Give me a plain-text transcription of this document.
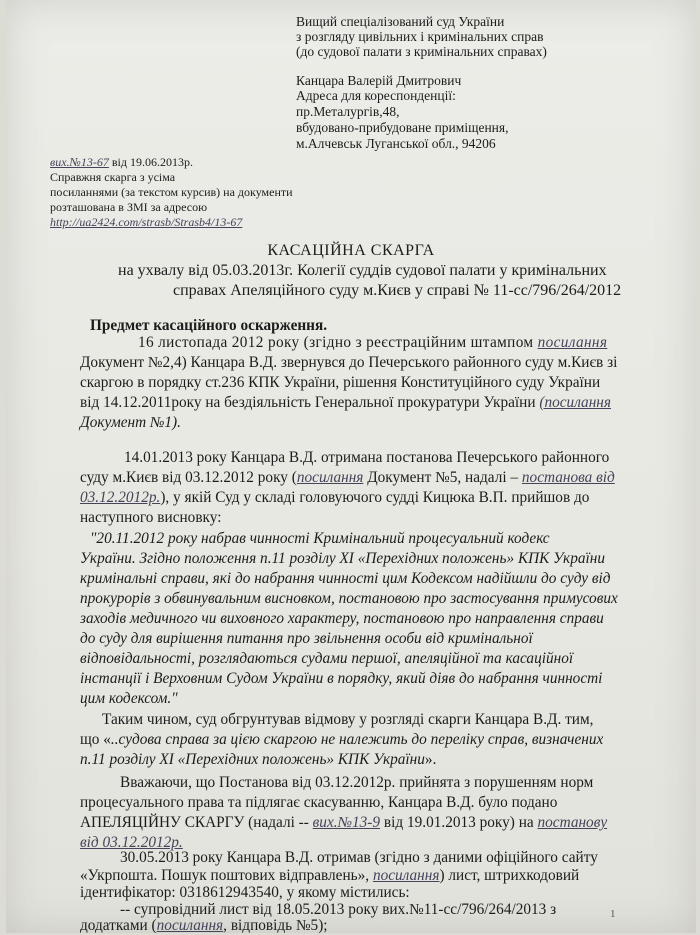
Вищий спеціалізований суд України
з розгляду цивільних і кримінальних справ
(до судової палати з кримінальних справах)
Канцара Валерій Дмитрович
Адреса для кореспонденції:
пр.Металургів,48,
вбудовано-прибудоване приміщення,
м.Алчевськ Луганської обл., 94206
вих.№13-67 від 19.06.2013р.
Справжня скарга з усіма
посиланнями (за текстом курсив) на документи
розташована в ЗМІ за адресою
http://ua2424.com/strasb/Strasb4/13-67
КАСАЦІЙНА СКАРГА
на ухвалу від 05.03.2013г. Колегії суддів судової палати у кримінальних
справах Апеляційного суду м.Києв у справі № 11-сс/796/264/2012
Предмет касаційного оскарження.
16 листопада 2012 року (згідно з реєстраційним штампом посилання
Документ №2,4) Канцара В.Д. звернувся до Печерського районного суду м.Києв зі
скаргою в порядку ст.236 КПК України, рішення Конституційного суду України
від 14.12.2011року на бездіяльність Генеральної прокуратури України (посилання
Документ №1).
14.01.2013 року Канцара В.Д. отримана постанова Печерського районного
суду м.Києв від 03.12.2012 року (посилання Документ №5, надалі – постанова від
03.12.2012р.), у якій Суд у складі головуючого судді Кицюка В.П. прийшов до
наступного висновку:
"20.11.2012 року набрав чинності Кримінальний процесуальний кодекс
України. Згідно положення п.11 розділу XI «Перехідних положень» КПК України
кримінальні справи, які до набрання чинності цим Кодексом надійшли до суду від
прокурорів з обвинувальним висновком, постановою про застосування примусових
заходів медичного чи виховного характеру, постановою про направлення справи
до суду для вирішення питання про звільнення особи від кримінальної
відповідальності, розглядаються судами першої, апеляційної та касаційної
інстанції і Верховним Судом України в порядку, який діяв до набрання чинності
цим кодексом."
Таким чином, суд обгрунтував відмову у розгляді скарги Канцара В.Д. тим,
що «..судова справа за цією скаргою не належить до переліку справ, визначених
п.11 розділу XI «Перехідних положень» КПК України».
Вважаючи, що Постанова від 03.12.2012р. прийнята з порушенням норм
процесуального права та підлягає скасуванню, Канцара В.Д. було подано
АПЕЛЯЦІЙНУ СКАРГУ (надалі -- вих.№13-9 від 19.01.2013 року) на постанову
від 03.12.2012р.
30.05.2013 року Канцара В.Д. отримав (згідно з даними офіційного сайту
«Укрпошта. Пошук поштових відправлень», посилання) лист, штрихкодовий
ідентифікатор: 0318612943540, у якому містились:
-- супровідний лист від 18.05.2013 року вих.№11-сс/796/264/2013 з
додатками (посилання, відповідь №5);
1
